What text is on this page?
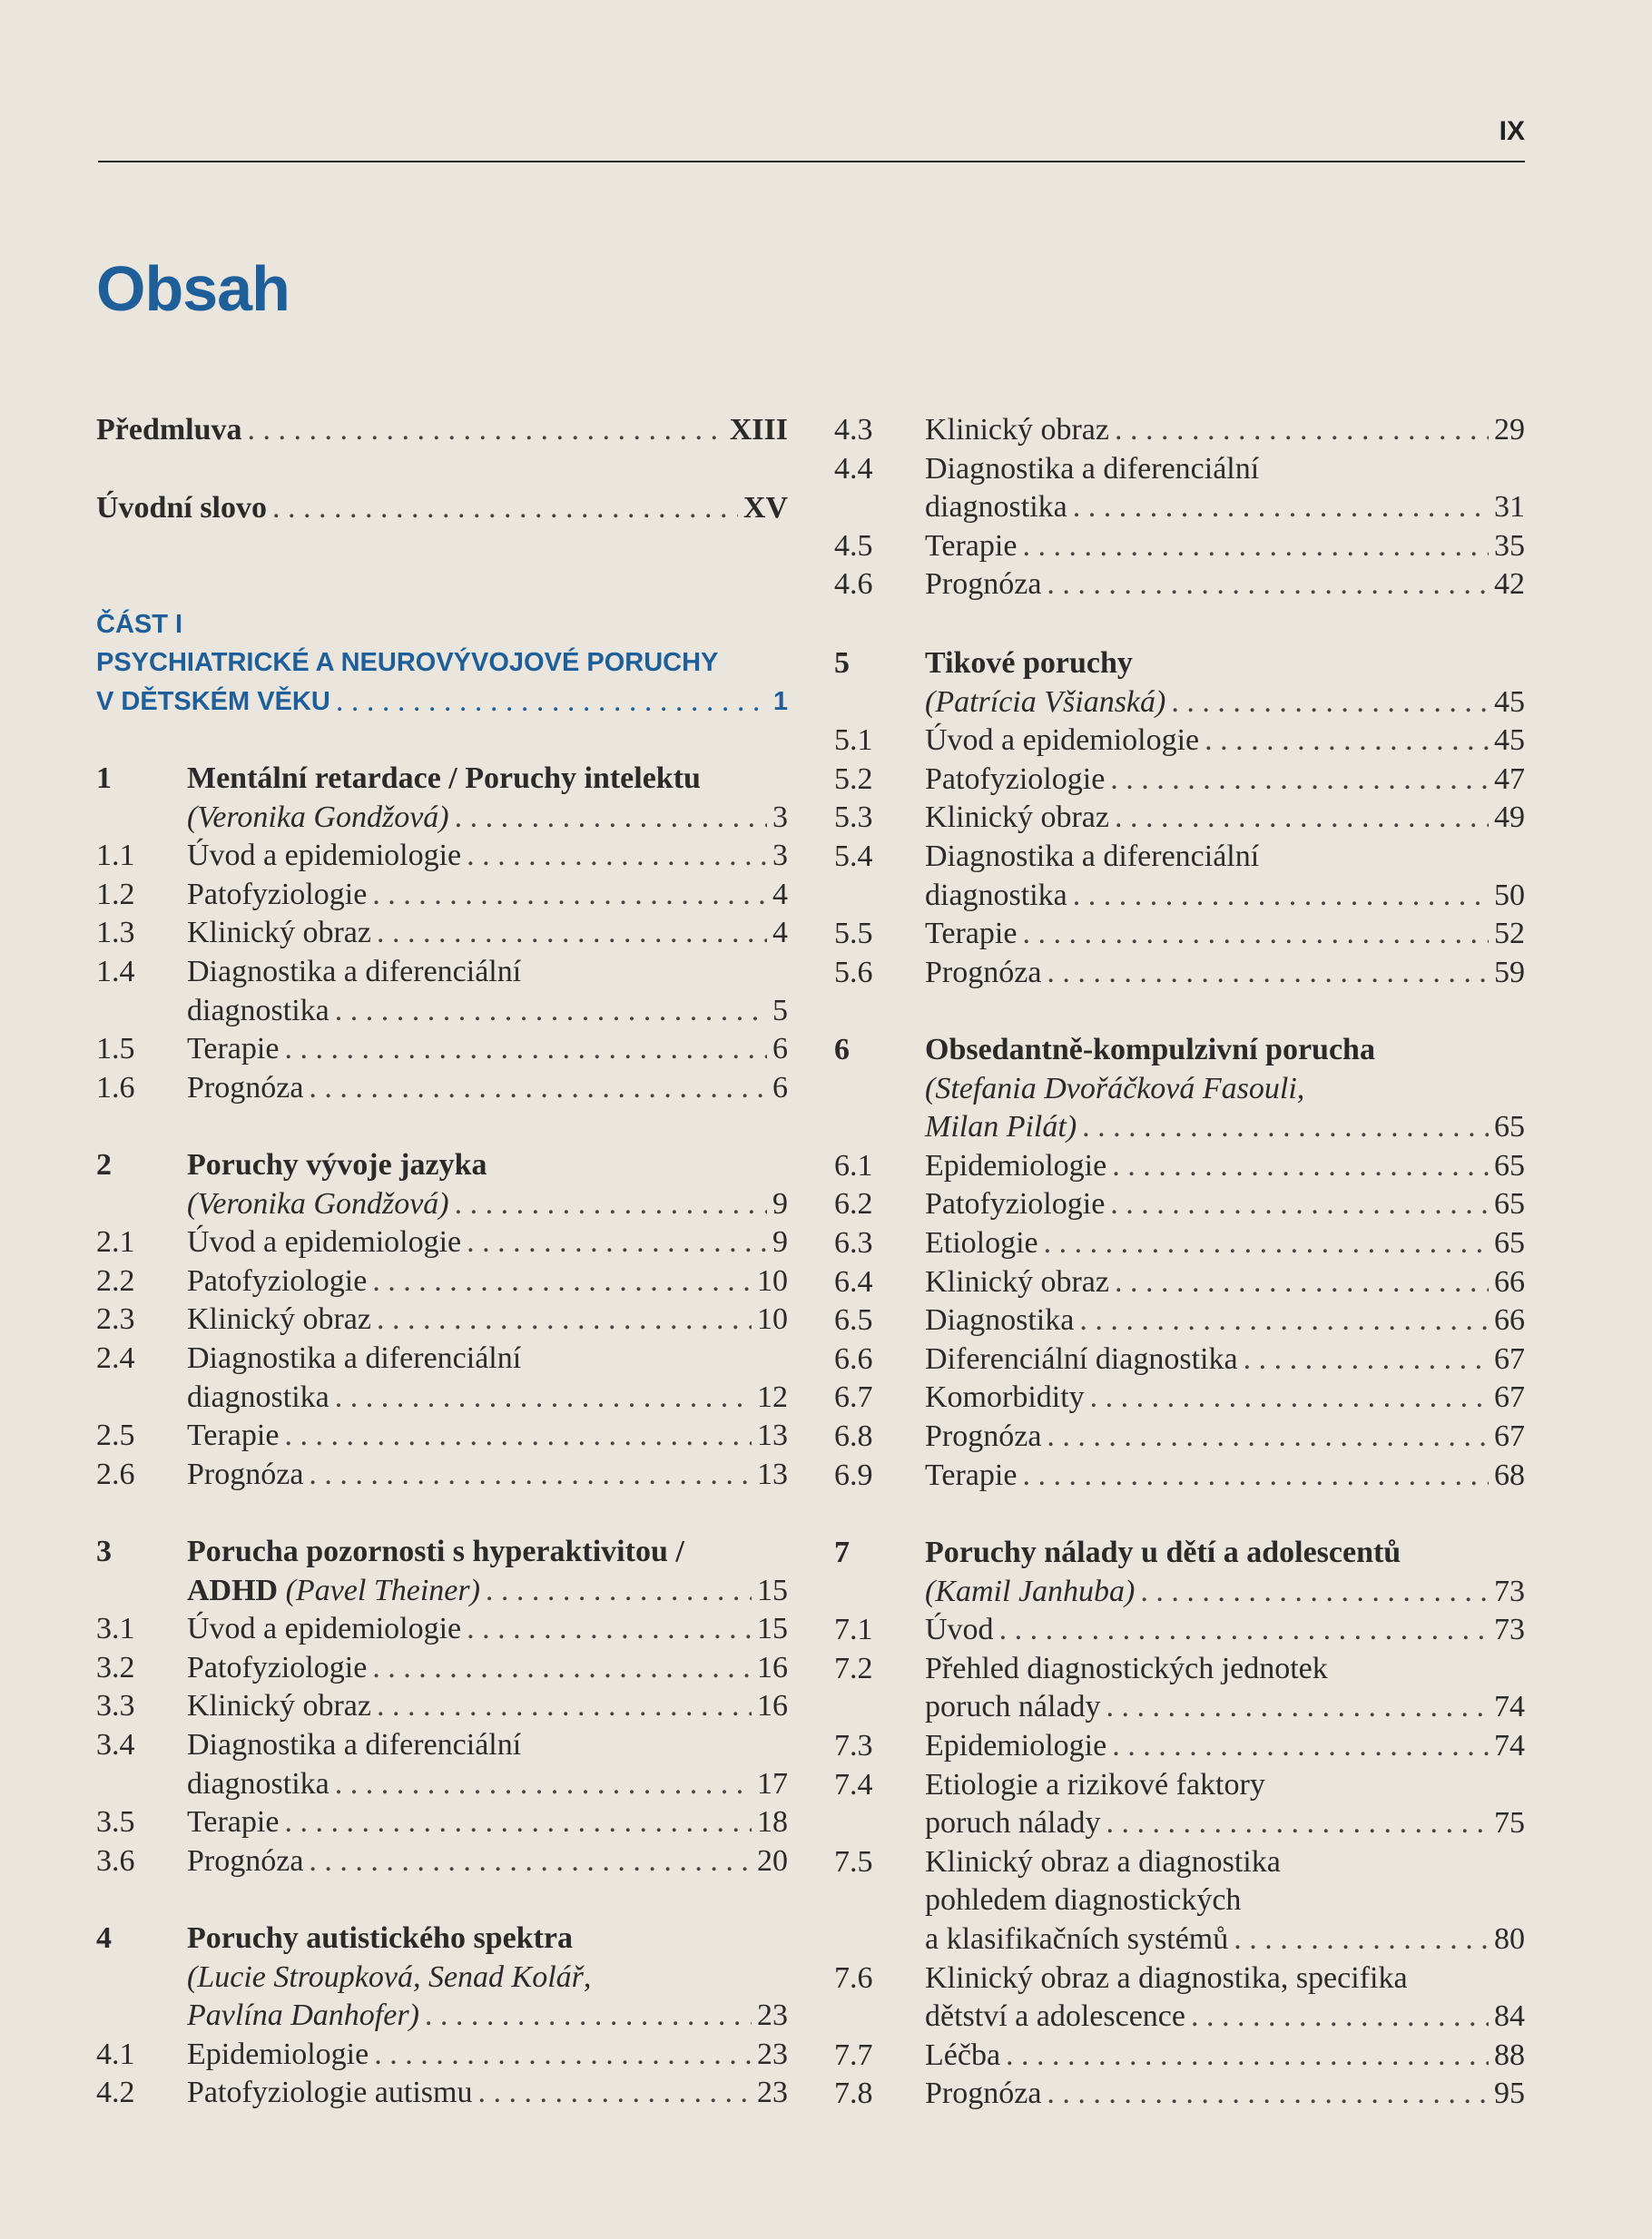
IX
Obsah
Předmluva . . .	XIII
Úvodní slovo . . .	XV
ČÁST I
PSYCHIATRICKÉ A NEUROVÝVOJOVÉ PORUCHY
V DĚTSKÉM VĚKU . . .	1
1 Mentální retardace / Poruchy intelektu
(Veronika Gondžová) . . .	3
1.1 Úvod a epidemiologie . . .	3
1.2 Patofyziologie . . .	4
1.3 Klinický obraz . . .	4
1.4 Diagnostika a diferenciální
diagnostika . . .	5
1.5 Terapie . . .	6
1.6 Prognóza . . .	6
2 Poruchy vývoje jazyka
(Veronika Gondžová) . . .	9
2.1 Úvod a epidemiologie . . .	9
2.2 Patofyziologie . . .	10
2.3 Klinický obraz . . .	10
2.4 Diagnostika a diferenciální
diagnostika . . .	12
2.5 Terapie . . .	13
2.6 Prognóza . . .	13
3 Porucha pozornosti s hyperaktivitou /
ADHD
(Pavel Theiner) . . .	15
3.1 Úvod a epidemiologie . . .	15
3.2 Patofyziologie . . .	16
3.3 Klinický obraz . . .	16
3.4 Diagnostika a diferenciální
diagnostika . . .	17
3.5 Terapie . . .	18
3.6 Prognóza . . .	20
4 Poruchy autistického spektra
(Lucie Stroupková, Senad Kolář,
Pavlína Danhofer) . . .	23
4.1 Epidemiologie . . .	23
4.2 Patofyziologie autismu . . .	23
4.3 Klinický obraz . . .	29
4.4 Diagnostika a diferenciální
diagnostika . . .	31
4.5 Terapie . . .	35
4.6 Prognóza . . .	42
5 Tikové poruchy
(Patrícia Všianská) . . .	45
5.1 Úvod a epidemiologie . . .	45
5.2 Patofyziologie . . .	47
5.3 Klinický obraz . . .	49
5.4 Diagnostika a diferenciální
diagnostika . . .	50
5.5 Terapie . . .	52
5.6 Prognóza . . .	59
6 Obsedantně-kompulzivní porucha
(Stefania Dvořáčková Fasouli,
Milan Pilát) . . .	65
6.1 Epidemiologie . . .	65
6.2 Patofyziologie . . .	65
6.3 Etiologie . . .	65
6.4 Klinický obraz . . .	66
6.5 Diagnostika . . .	66
6.6 Diferenciální diagnostika . . .	67
6.7 Komorbidity . . .	67
6.8 Prognóza . . .	67
6.9 Terapie . . .	68
7 Poruchy nálady u dětí a adolescentů
(Kamil Janhuba) . . .	73
7.1 Úvod . . .	73
7.2 Přehled diagnostických jednotek
poruch nálady . . .	74
7.3 Epidemiologie . . .	74
7.4 Etiologie a rizikové faktory
poruch nálady . . .	75
7.5 Klinický obraz a diagnostika
pohledem diagnostických
a klasifikačních systémů . . .	80
7.6 Klinický obraz a diagnostika, specifika
dětství a adolescence . . .	84
7.7 Léčba . . .	88
7.8 Prognóza . . .	95
